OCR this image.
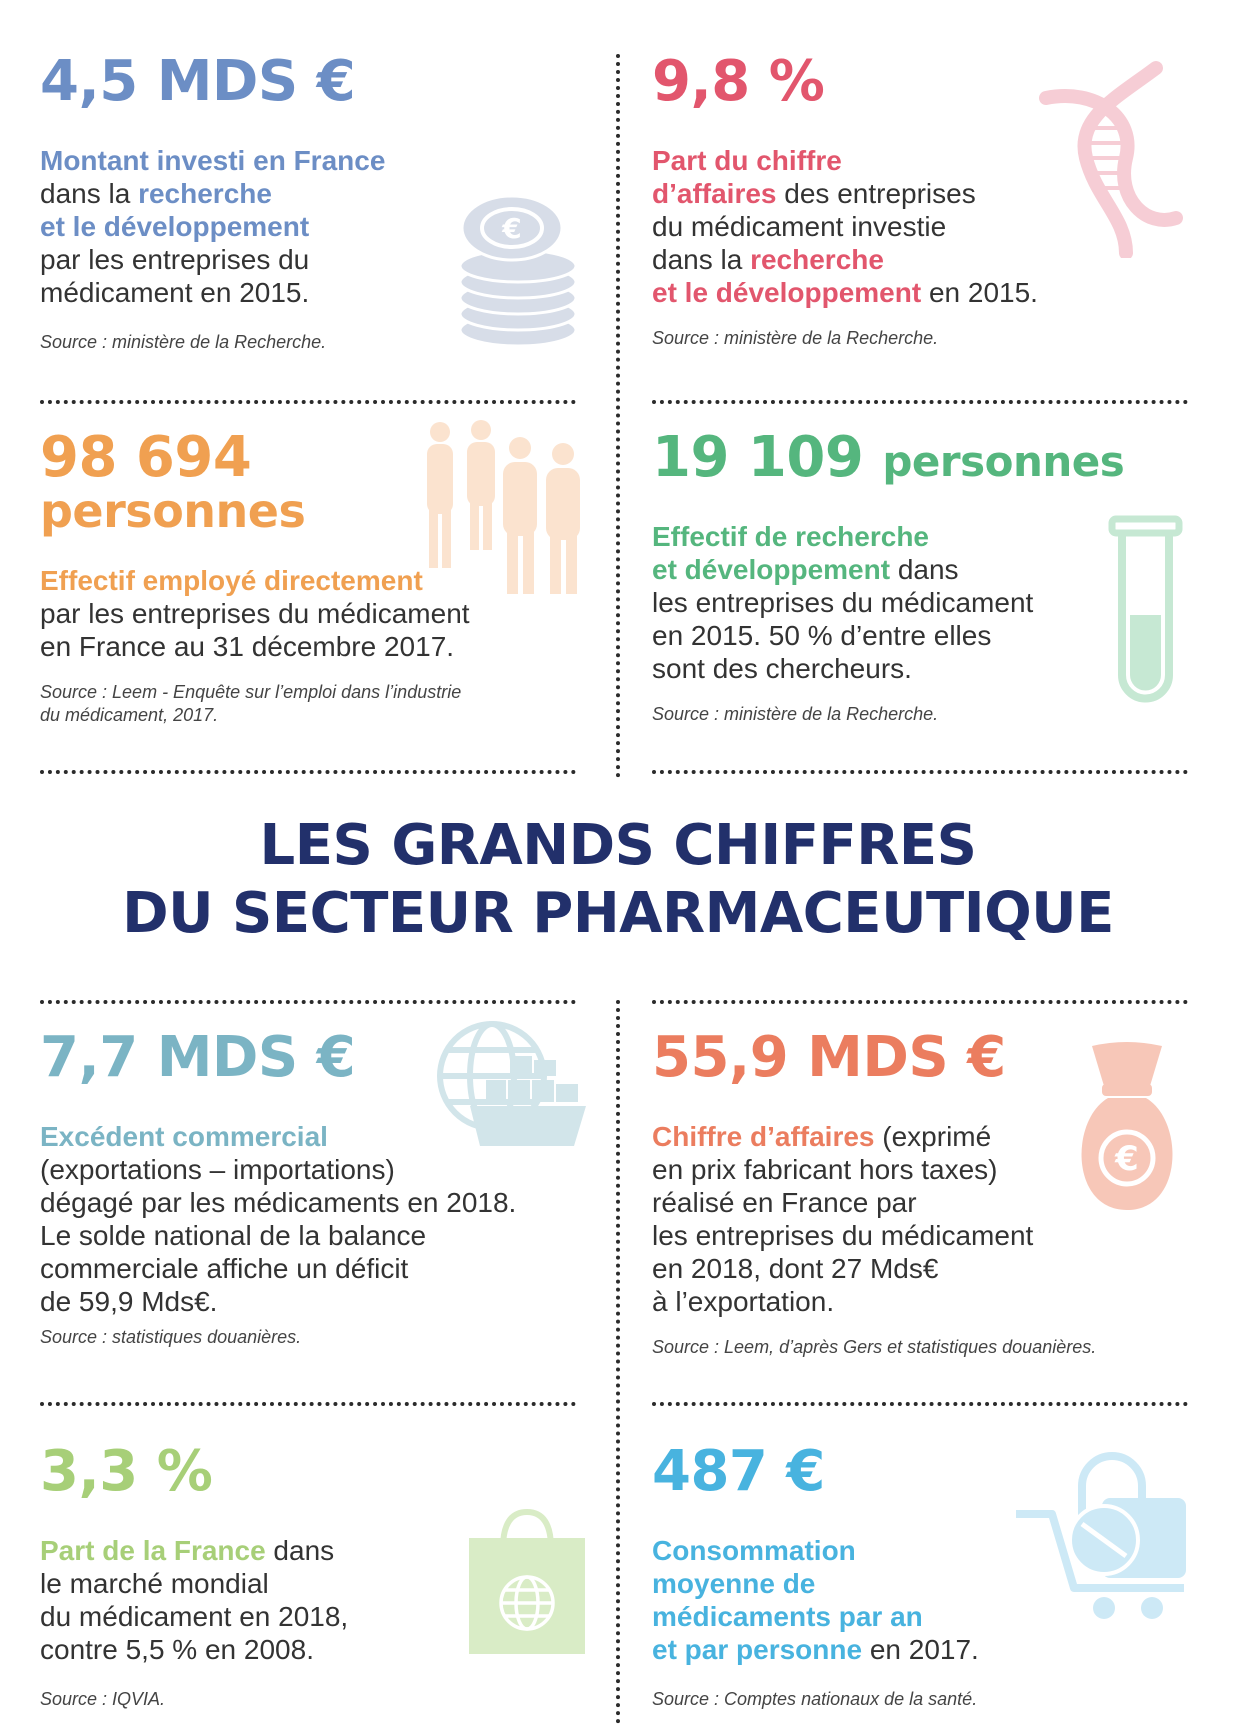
4,5 MDS €
Montant investi en France
dans la recherche
et le développement
par les entreprises du
médicament en 2015.
Source : ministère de la Recherche.
€
9,8 %
Part du chiffre
d’affaires des entreprises
du médicament investie
dans la recherche
et le développement en 2015.
Source : ministère de la Recherche.
98 694
personnes
Effectif employé directement
par les entreprises du médicament
en France au 31 décembre 2017.
Source : Leem - Enquête sur l’emploi dans l’industrie
du médicament, 2017.
19 109 personnes
Effectif de recherche
et développement dans
les entreprises du médicament
en 2015. 50 % d’entre elles
sont des chercheurs.
Source : ministère de la Recherche.
LES GRANDS CHIFFRES
DU SECTEUR PHARMACEUTIQUE
7,7 MDS €
Excédent commercial
(exportations – importations)
dégagé par les médicaments en 2018.
Le solde national de la balance
commerciale affiche un déficit
de 59,9 Mds€.
Source : statistiques douanières.
55,9 MDS €
Chiffre d’affaires (exprimé
en prix fabricant hors taxes)
réalisé en France par
les entreprises du médicament
en 2018, dont 27 Mds€
à l’exportation.
Source : Leem, d’après Gers et statistiques douanières.
€
3,3 %
Part de la France dans
le marché mondial
du médicament en 2018,
contre 5,5 % en 2008.
Source : IQVIA.
487 €
Consommation
moyenne de
médicaments par an
et par personne en 2017.
Source : Comptes nationaux de la santé.
